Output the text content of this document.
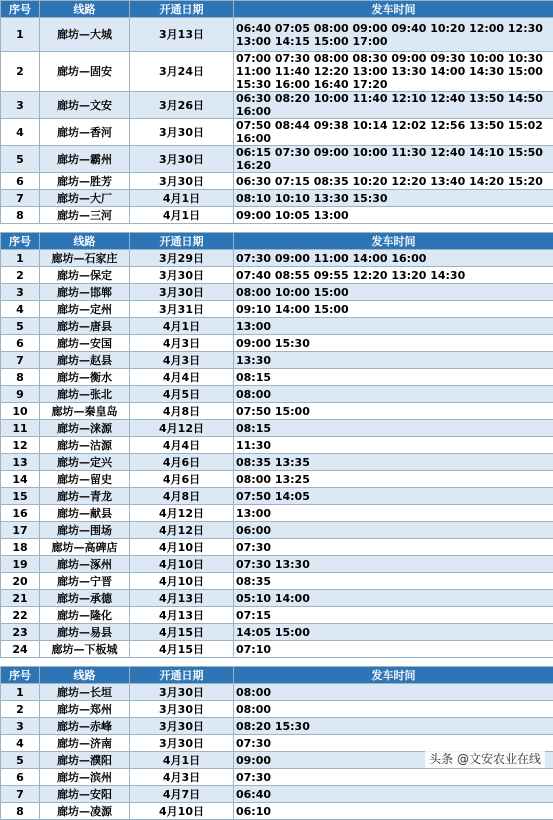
序号	线路	开通日期	发车时间
1	廊坊—大城	3月13日	06:40 07:05 08:00 09:00 09:40 10:20 12:00 12:30 13:00 14:15 15:00 17:00
2	廊坊—固安	3月24日	07:00 07:30 08:00 08:30 09:00 09:30 10:00 10:30 11:00 11:40 12:20 13:00 13:30 14:00 14:30 15:00 15:30 16:00 16:40 17:20
3	廊坊—文安	3月26日	06:30 08:20 10:00 11:40 12:10 12:40 13:50 14:50 16:00
4	廊坊—香河	3月30日	07:50 08:44 09:38 10:14 12:02 12:56 13:50 15:02 16:00
5	廊坊—霸州	3月30日	06:15 07:30 09:00 10:00 11:30 12:40 14:10 15:50 16:20
6	廊坊—胜芳	3月30日	06:30 07:15 08:35 10:20 12:20 13:40 14:20 15:20
7	廊坊—大厂	4月1日	08:10 10:10 13:30 15:30
8	廊坊—三河	4月1日	09:00 10:05 13:00
序号	线路	开通日期	发车时间
1	廊坊—石家庄	3月29日	07:30 09:00 11:00 14:00 16:00
2	廊坊—保定	3月30日	07:40 08:55 09:55 12:20 13:20 14:30
3	廊坊—邯郸	3月30日	08:00 10:00 15:00
4	廊坊—定州	3月31日	09:10 14:00 15:00
5	廊坊—唐县	4月1日	13:00
6	廊坊—安国	4月3日	09:00 15:30
7	廊坊—赵县	4月3日	13:30
8	廊坊—衡水	4月4日	08:15
9	廊坊—张北	4月5日	08:00
10	廊坊—秦皇岛	4月8日	07:50 15:00
11	廊坊—涞源	4月12日	08:15
12	廊坊—沽源	4月4日	11:30
13	廊坊—定兴	4月6日	08:35 13:35
14	廊坊—留史	4月6日	08:00 13:25
15	廊坊—青龙	4月8日	07:50 14:05
16	廊坊—献县	4月12日	13:00
17	廊坊—围场	4月12日	06:00
18	廊坊—高碑店	4月10日	07:30
19	廊坊—涿州	4月10日	07:30 13:30
20	廊坊—宁晋	4月10日	08:35
21	廊坊—承德	4月13日	05:10 14:00
22	廊坊—隆化	4月13日	07:15
23	廊坊—易县	4月15日	14:05 15:00
24	廊坊—下板城	4月15日	07:10
序号	线路	开通日期	发车时间
1	廊坊—长垣	3月30日	08:00
2	廊坊—郑州	3月30日	08:00
3	廊坊—赤峰	3月30日	08:20 15:30
4	廊坊—济南	3月30日	07:30
5	廊坊—濮阳	4月1日	09:00
6	廊坊—滨州	4月3日	07:30
7	廊坊—安阳	4月7日	06:40
8	廊坊—凌源	4月10日	06:10
头条 @文安农业在线
